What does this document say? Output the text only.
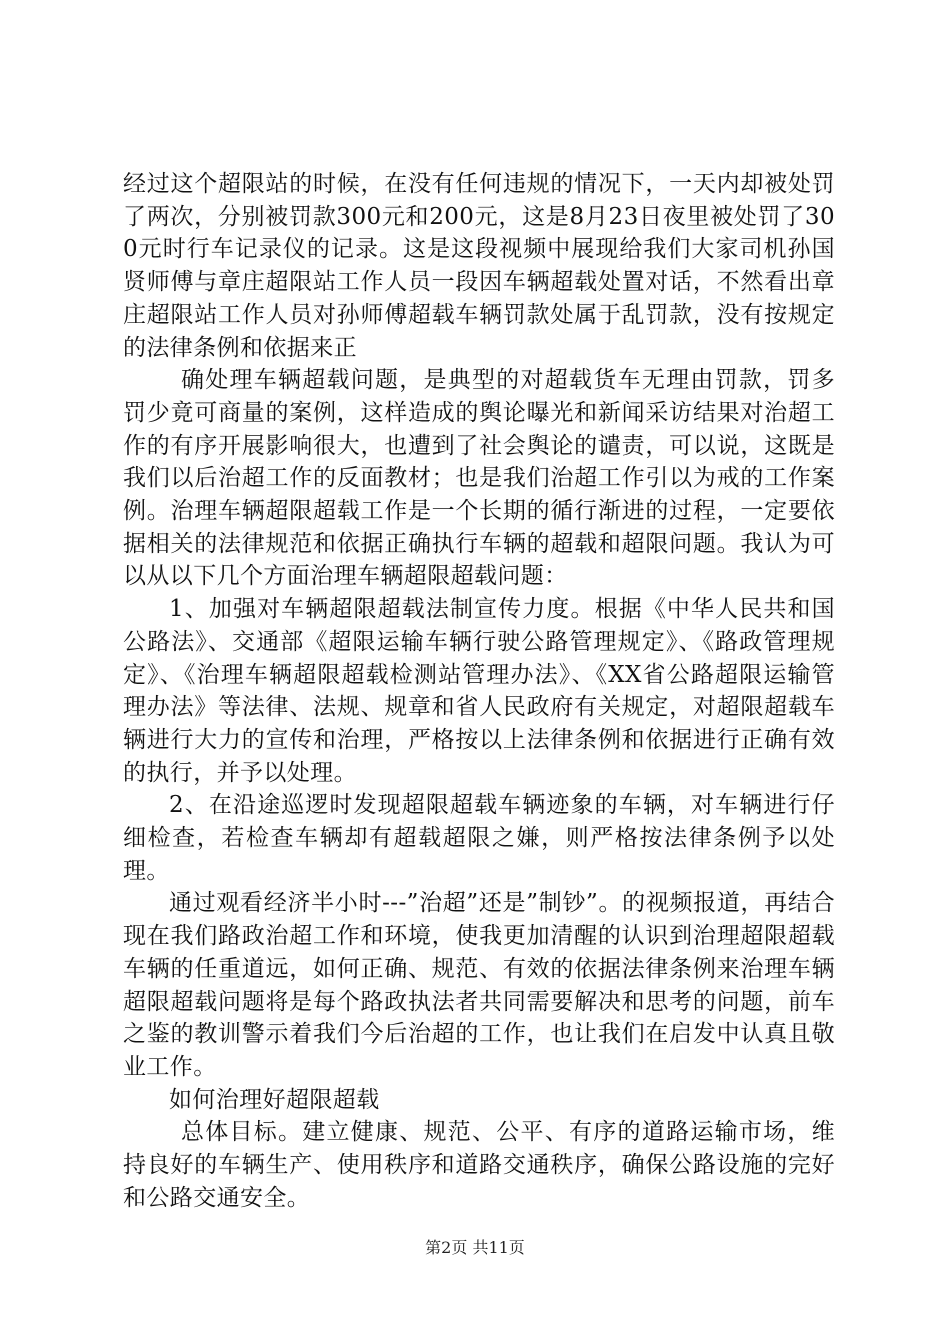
经过这个超限站的时候，在没有任何违规的情况下，一天内却被处罚了两次，分别被罚款300元和200元，这是8月23日夜里被处罚了300元时行车记录仪的记录。这是这段视频中展现给我们大家司机孙国贤师傅与章庄超限站工作人员一段因车辆超载处置对话，不然看出章庄超限站工作人员对孙师傅超载车辆罚款处属于乱罚款，没有按规定的法律条例和依据来正

确处理车辆超载问题，是典型的对超载货车无理由罚款，罚多罚少竟可商量的案例，这样造成的舆论曝光和新闻采访结果对治超工作的有序开展影响很大，也遭到了社会舆论的谴责，可以说，这既是我们以后治超工作的反面教材；也是我们治超工作引以为戒的工作案例。治理车辆超限超载工作是一个长期的循行渐进的过程，一定要依据相关的法律规范和依据正确执行车辆的超载和超限问题。我认为可以从以下几个方面治理车辆超限超载问题：

1、加强对车辆超限超载法制宣传力度。根据《中华人民共和国公路法》、交通部《超限运输车辆行驶公路管理规定》、《路政管理规定》、《治理车辆超限超载检测站管理办法》、《XX省公路超限运输管理办法》等法律、法规、规章和省人民政府有关规定，对超限超载车辆进行大力的宣传和治理，严格按以上法律条例和依据进行正确有效的执行，并予以处理。

2、在沿途巡逻时发现超限超载车辆迹象的车辆，对车辆进行仔细检查，若检查车辆却有超载超限之嫌，则严格按法律条例予以处理。

通过观看经济半小时---”治超”还是”制钞”。的视频报道，再结合现在我们路政治超工作和环境，使我更加清醒的认识到治理超限超载车辆的任重道远，如何正确、规范、有效的依据法律条例来治理车辆超限超载问题将是每个路政执法者共同需要解决和思考的问题，前车之鉴的教训警示着我们今后治超的工作，也让我们在启发中认真且敬业工作。

如何治理好超限超载

总体目标。建立健康、规范、公平、有序的道路运输市场，维持良好的车辆生产、使用秩序和道路交通秩序，确保公路设施的完好和公路交通安全。

第2页 共11页
